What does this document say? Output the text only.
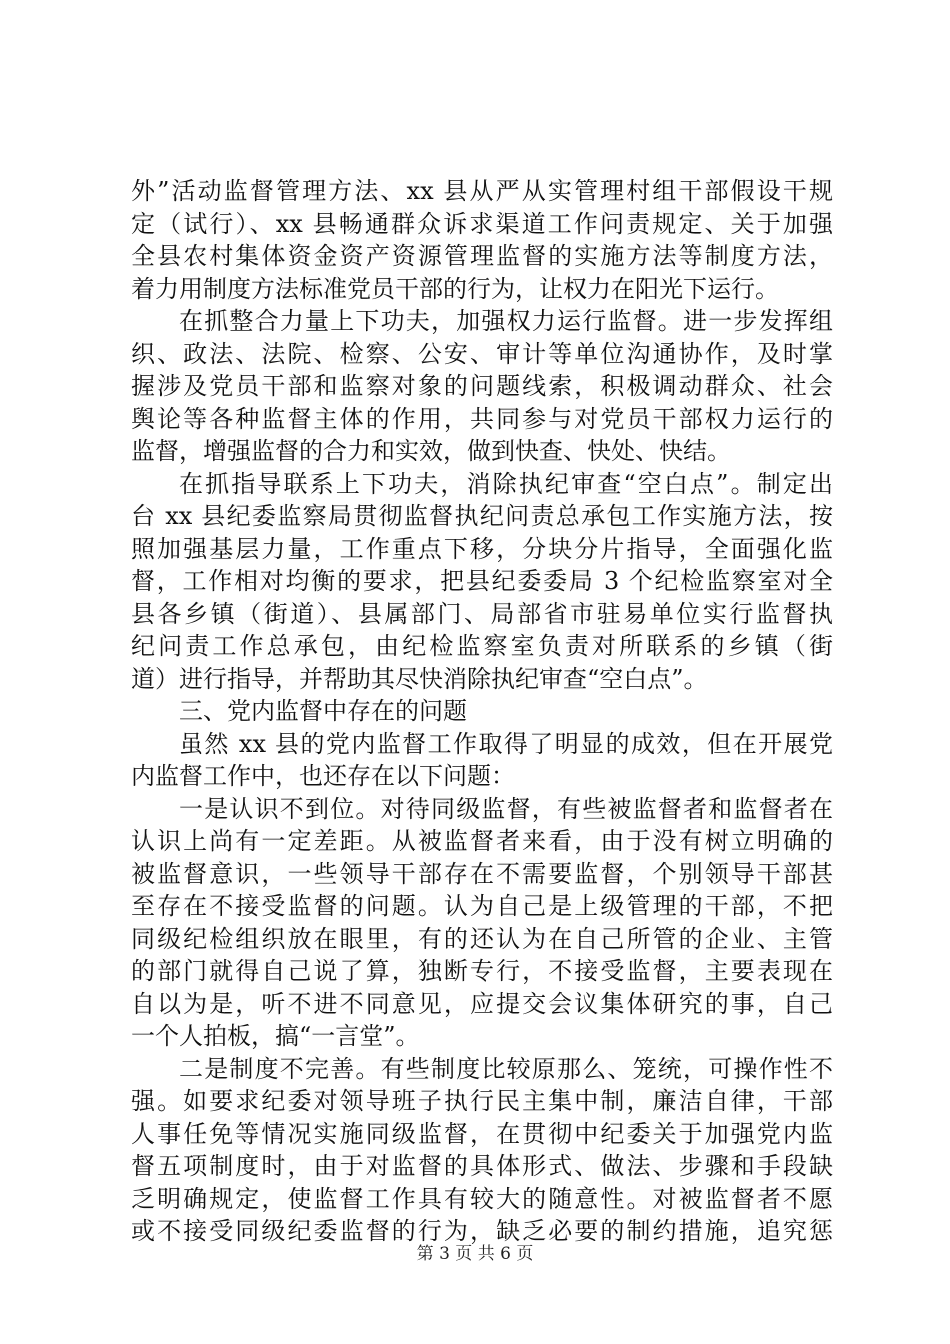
外”活动监督管理方法、xx 县从严从实管理村组干部假设干规
定（试行）、xx 县畅通群众诉求渠道工作问责规定、关于加强
全县农村集体资金资产资源管理监督的实施方法等制度方法，
着力用制度方法标准党员干部的行为，让权力在阳光下运行。
在抓整合力量上下功夫，加强权力运行监督。进一步发挥组
织、政法、法院、检察、公安、审计等单位沟通协作，及时掌
握涉及党员干部和监察对象的问题线索，积极调动群众、社会
舆论等各种监督主体的作用，共同参与对党员干部权力运行的
监督，增强监督的合力和实效，做到快查、快处、快结。
在抓指导联系上下功夫，消除执纪审查“空白点”。制定出
台 xx 县纪委监察局贯彻监督执纪问责总承包工作实施方法，按
照加强基层力量，工作重点下移，分块分片指导，全面强化监
督，工作相对均衡的要求，把县纪委委局 3 个纪检监察室对全
县各乡镇（街道）、县属部门、局部省市驻易单位实行监督执
纪问责工作总承包，由纪检监察室负责对所联系的乡镇（街
道）进行指导，并帮助其尽快消除执纪审查“空白点”。
三、党内监督中存在的问题
虽然 xx 县的党内监督工作取得了明显的成效，但在开展党
内监督工作中，也还存在以下问题：
一是认识不到位。对待同级监督，有些被监督者和监督者在
认识上尚有一定差距。从被监督者来看，由于没有树立明确的
被监督意识，一些领导干部存在不需要监督，个别领导干部甚
至存在不接受监督的问题。认为自己是上级管理的干部，不把
同级纪检组织放在眼里，有的还认为在自己所管的企业、主管
的部门就得自己说了算，独断专行，不接受监督，主要表现在
自以为是，听不进不同意见，应提交会议集体研究的事，自己
一个人拍板，搞“一言堂”。
二是制度不完善。有些制度比较原那么、笼统，可操作性不
强。如要求纪委对领导班子执行民主集中制，廉洁自律，干部
人事任免等情况实施同级监督，在贯彻中纪委关于加强党内监
督五项制度时，由于对监督的具体形式、做法、步骤和手段缺
乏明确规定，使监督工作具有较大的随意性。对被监督者不愿
或不接受同级纪委监督的行为，缺乏必要的制约措施，追究惩
第 3 页 共 6 页
